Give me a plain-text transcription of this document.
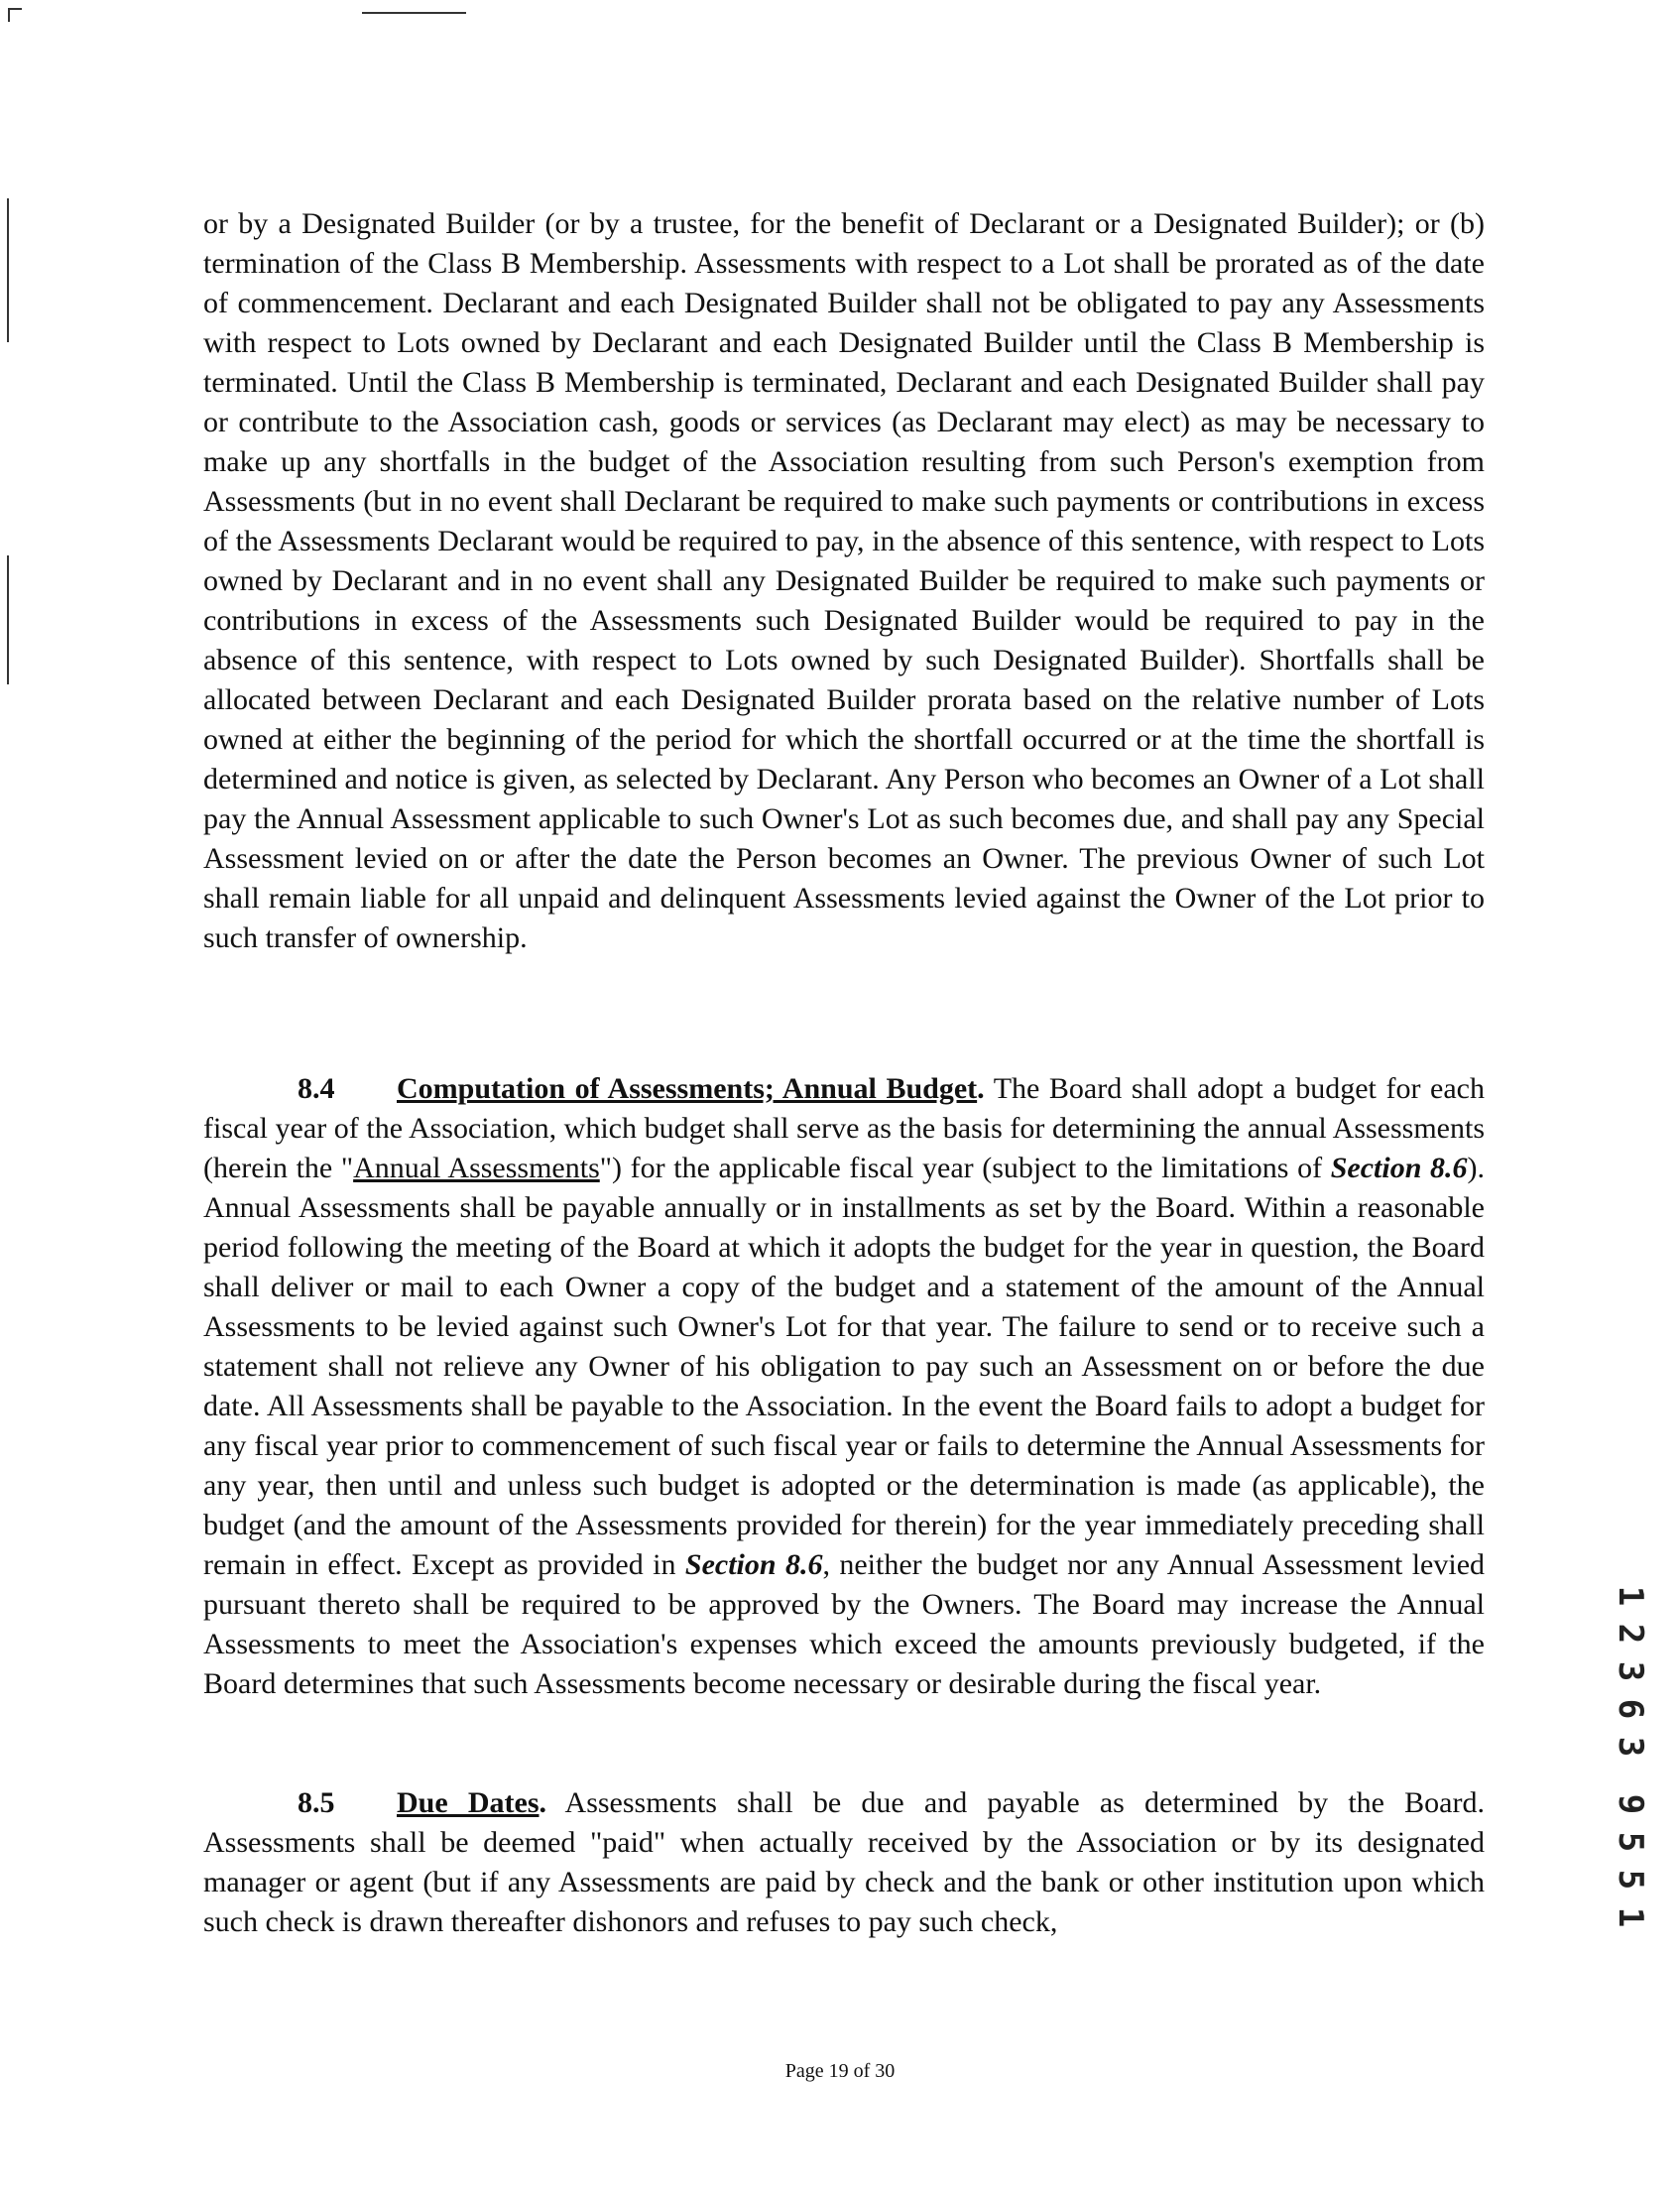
or by a Designated Builder (or by a trustee, for the benefit of Declarant or a Designated Builder); or (b) termination of the Class B Membership. Assessments with respect to a Lot shall be prorated as of the date of commencement. Declarant and each Designated Builder shall not be obligated to pay any Assessments with respect to Lots owned by Declarant and each Designated Builder until the Class B Membership is terminated. Until the Class B Membership is terminated, Declarant and each Designated Builder shall pay or contribute to the Association cash, goods or services (as Declarant may elect) as may be necessary to make up any shortfalls in the budget of the Association resulting from such Person's exemption from Assessments (but in no event shall Declarant be required to make such payments or contributions in excess of the Assessments Declarant would be required to pay, in the absence of this sentence, with respect to Lots owned by Declarant and in no event shall any Designated Builder be required to make such payments or contributions in excess of the Assessments such Designated Builder would be required to pay in the absence of this sentence, with respect to Lots owned by such Designated Builder). Shortfalls shall be allocated between Declarant and each Designated Builder prorata based on the relative number of Lots owned at either the beginning of the period for which the shortfall occurred or at the time the shortfall is determined and notice is given, as selected by Declarant. Any Person who becomes an Owner of a Lot shall pay the Annual Assessment applicable to such Owner's Lot as such becomes due, and shall pay any Special Assessment levied on or after the date the Person becomes an Owner. The previous Owner of such Lot shall remain liable for all unpaid and delinquent Assessments levied against the Owner of the Lot prior to such transfer of ownership.

8.4 Computation of Assessments; Annual Budget. The Board shall adopt a budget for each fiscal year of the Association, which budget shall serve as the basis for determining the annual Assessments (herein the "Annual Assessments") for the applicable fiscal year (subject to the limitations of Section 8.6). Annual Assessments shall be payable annually or in installments as set by the Board. Within a reasonable period following the meeting of the Board at which it adopts the budget for the year in question, the Board shall deliver or mail to each Owner a copy of the budget and a statement of the amount of the Annual Assessments to be levied against such Owner's Lot for that year. The failure to send or to receive such a statement shall not relieve any Owner of his obligation to pay such an Assessment on or before the due date. All Assessments shall be payable to the Association. In the event the Board fails to adopt a budget for any fiscal year prior to commencement of such fiscal year or fails to determine the Annual Assessments for any year, then until and unless such budget is adopted or the determination is made (as applicable), the budget (and the amount of the Assessments provided for therein) for the year immediately preceding shall remain in effect. Except as provided in Section 8.6, neither the budget nor any Annual Assessment levied pursuant thereto shall be required to be approved by the Owners. The Board may increase the Annual Assessments to meet the Association's expenses which exceed the amounts previously budgeted, if the Board determines that such Assessments become necessary or desirable during the fiscal year.

8.5 Due Dates. Assessments shall be due and payable as determined by the Board. Assessments shall be deemed "paid" when actually received by the Association or by its designated manager or agent (but if any Assessments are paid by check and the bank or other institution upon which such check is drawn thereafter dishonors and refuses to pay such check,

1
2
3
6
3
9
5
5
1
Page 19 of 30
